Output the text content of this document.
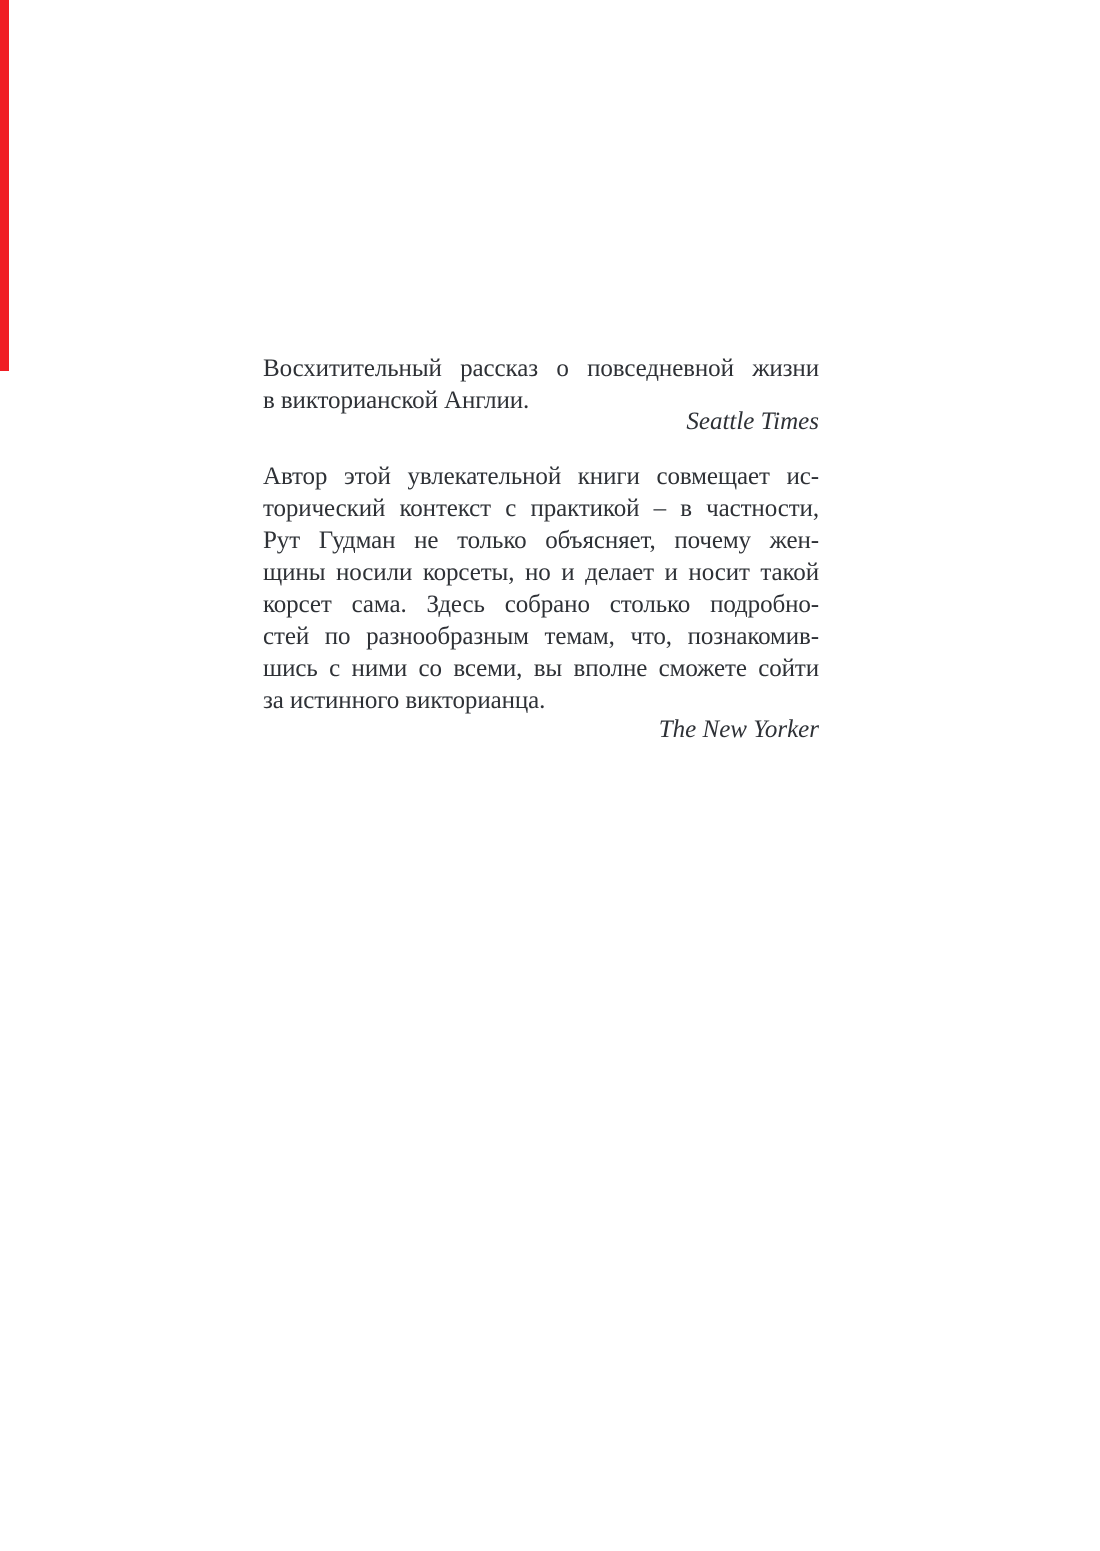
Восхитительный рассказ о повседневной жизни
в викторианской Англии.
Seattle Times
Автор этой увлекательной книги совмещает ис-
торический контекст с практикой – в частности,
Рут Гудман не только объясняет, почему жен-
щины носили корсеты, но и делает и носит такой
корсет сама. Здесь собрано столько подробно-
стей по разнообразным темам, что, познакомив-
шись с ними со всеми, вы вполне сможете сойти
за истинного викторианца.
The New Yorker
